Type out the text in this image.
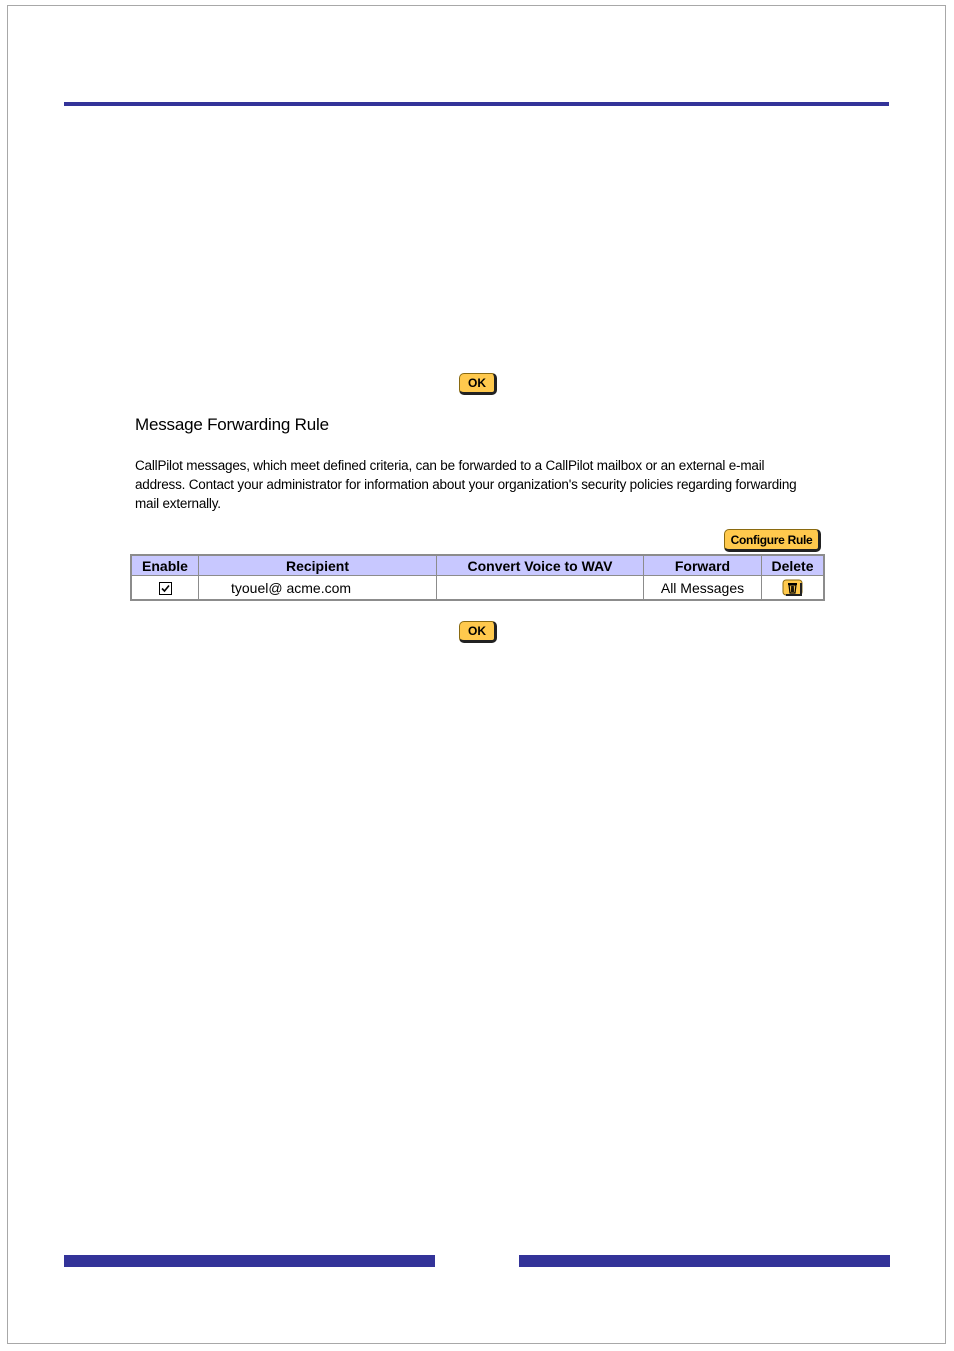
OK
Message Forwarding Rule

CallPilot messages, which meet defined criteria, can be forwarded to a CallPilot mailbox or an external e-mail address. Contact your administrator for information about your organization's security policies regarding forwarding mail externally.

Configure Rule
Enable	Recipient	Convert Voice to WAV	Forward	Delete

	tyouel@ acme.com		All Messages	
OK
